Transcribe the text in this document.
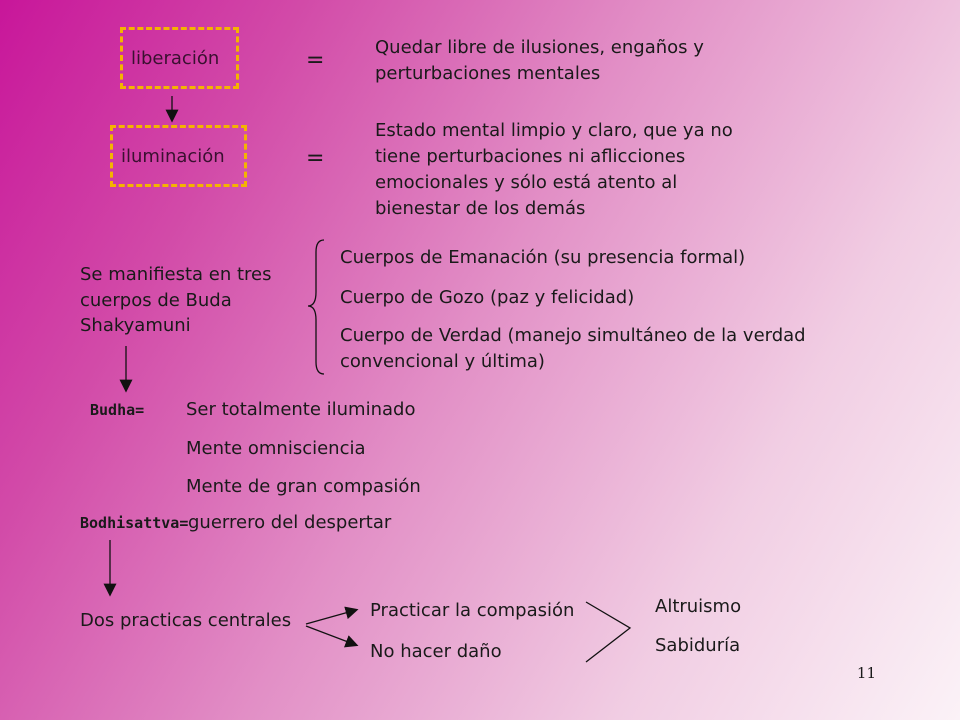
liberación	=
Quedar libre de ilusiones, engaños y
perturbaciones mentales
iluminación	=
Estado mental limpio y claro, que ya no
tiene perturbaciones ni aflicciones
emocionales y sólo está atento al
bienestar de los demás
Se manifiesta en tres
cuerpos de Buda
Shakyamuni
Cuerpos de Emanación (su presencia formal)
Cuerpo de Gozo (paz y felicidad)
Cuerpo de Verdad (manejo simultáneo de la verdad
convencional y última)
Budha= Ser totalmente iluminado
Mente omnisciencia
Mente de gran compasión
Bodhisattva= guerrero del despertar
Dos practicas centrales	Practicar la compasión
No hacer daño
Altruismo
Sabiduría
11
